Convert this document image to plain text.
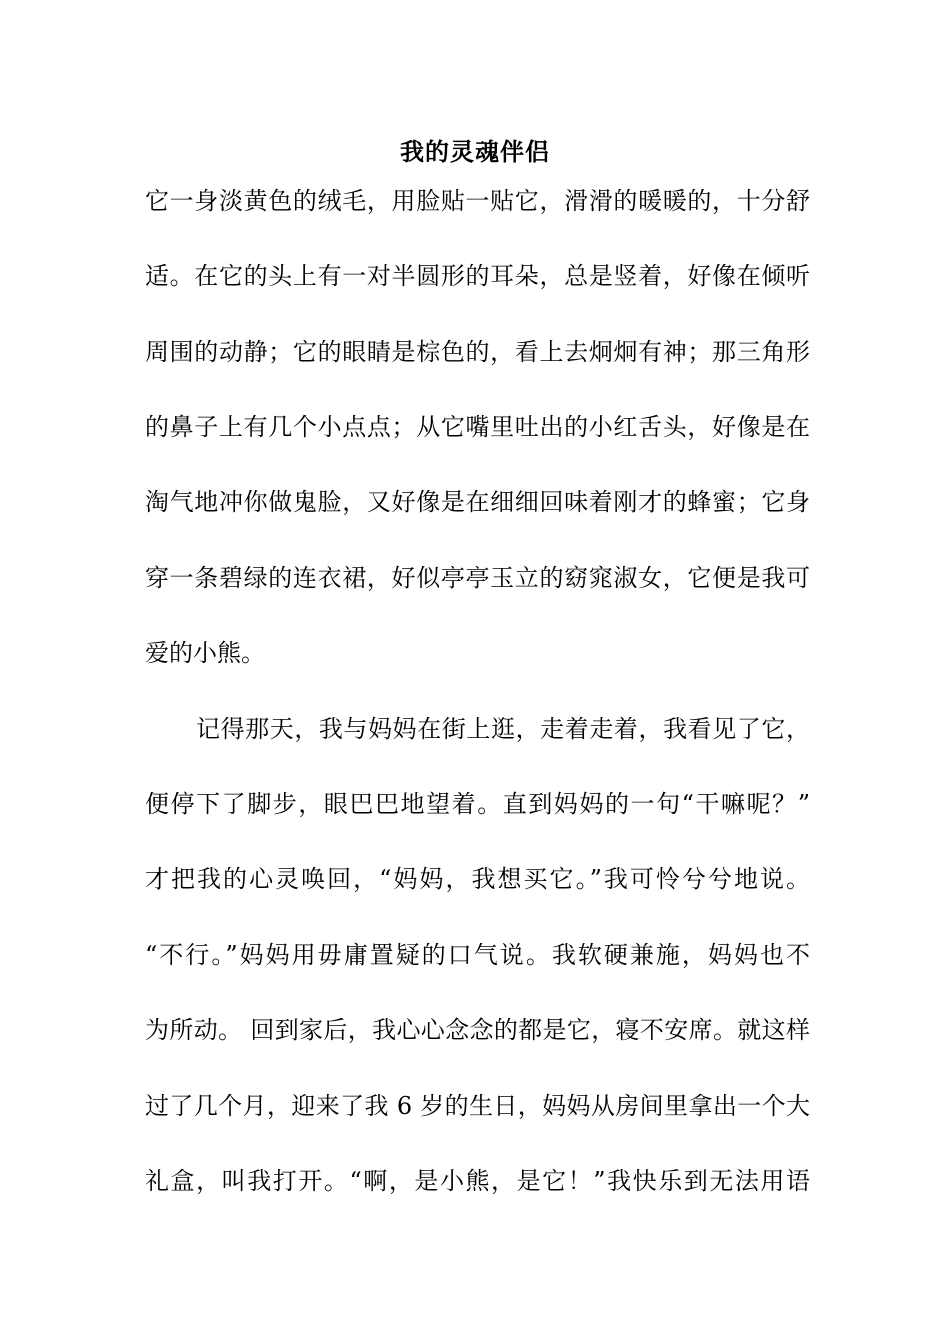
我的灵魂伴侣
它一身淡黄色的绒毛，用脸贴一贴它，滑滑的暖暖的，十分舒
适。在它的头上有一对半圆形的耳朵，总是竖着，好像在倾听
周围的动静；它的眼睛是棕色的，看上去炯炯有神；那三角形
的鼻子上有几个小点点；从它嘴里吐出的小红舌头，好像是在
淘气地冲你做鬼脸，又好像是在细细回味着刚才的蜂蜜；它身
穿一条碧绿的连衣裙，好似亭亭玉立的窈窕淑女，它便是我可
爱的小熊。
记得那天，我与妈妈在街上逛，走着走着，我看见了它，
便停下了脚步，眼巴巴地望着。直到妈妈的一句“干嘛呢？”
才把我的心灵唤回，“妈妈，我想买它。”我可怜兮兮地说。
“不行。”妈妈用毋庸置疑的口气说。我软硬兼施，妈妈也不
为所动。 回到家后，我心心念念的都是它，寝不安席。就这样
过了几个月，迎来了我 6 岁的生日，妈妈从房间里拿出一个大
礼盒，叫我打开。“啊，是小熊，是它！”我快乐到无法用语
